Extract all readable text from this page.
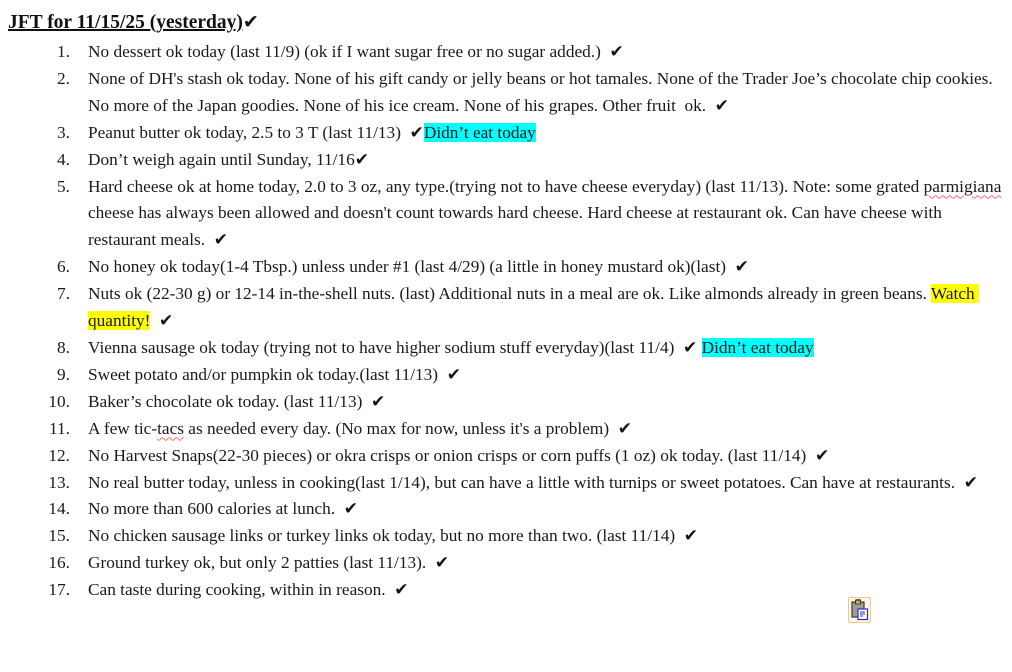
JFT for 11/15/25 (yesterday)✔
1. No dessert ok today (last 11/9) (ok if I want sugar free or no sugar added.)  ✔
2. None of DH's stash ok today. None of his gift candy or jelly beans or hot tamales. None of the Trader Joe’s chocolate chip cookies. No more of the Japan goodies. None of his ice cream. None of his grapes. Other fruit  ok.  ✔
3. Peanut butter ok today, 2.5 to 3 T (last 11/13)  ✔Didn’t eat today
4. Don’t weigh again until Sunday, 11/16✔
5. Hard cheese ok at home today, 2.0 to 3 oz, any type.(trying not to have cheese everyday) (last 11/13). Note: some grated parmigiana cheese has always been allowed and doesn't count towards hard cheese. Hard cheese at restaurant ok. Can have cheese with restaurant meals.  ✔
6. No honey ok today(1-4 Tbsp.) unless under #1 (last 4/29) (a little in honey mustard ok)(last)  ✔
7. Nuts ok (22-30 g) or 12-14 in-the-shell nuts. (last) Additional nuts in a meal are ok. Like almonds already in green beans. Watch quantity! ✔
8. Vienna sausage ok today (trying not to have higher sodium stuff everyday)(last 11/4)  ✔ Didn’t eat today
9. Sweet potato and/or pumpkin ok today.(last 11/13)  ✔
10. Baker’s chocolate ok today. (last 11/13)  ✔
11. A few tic-tacs as needed every day. (No max for now, unless it's a problem)  ✔
12. No Harvest Snaps(22-30 pieces) or okra crisps or onion crisps or corn puffs (1 oz) ok today. (last 11/14)  ✔
13. No real butter today, unless in cooking(last 1/14), but can have a little with turnips or sweet potatoes. Can have at restaurants.  ✔
14. No more than 600 calories at lunch.  ✔
15. No chicken sausage links or turkey links ok today, but no more than two. (last 11/14)  ✔
16. Ground turkey ok, but only 2 patties (last 11/13).  ✔
17. Can taste during cooking, within in reason.  ✔
